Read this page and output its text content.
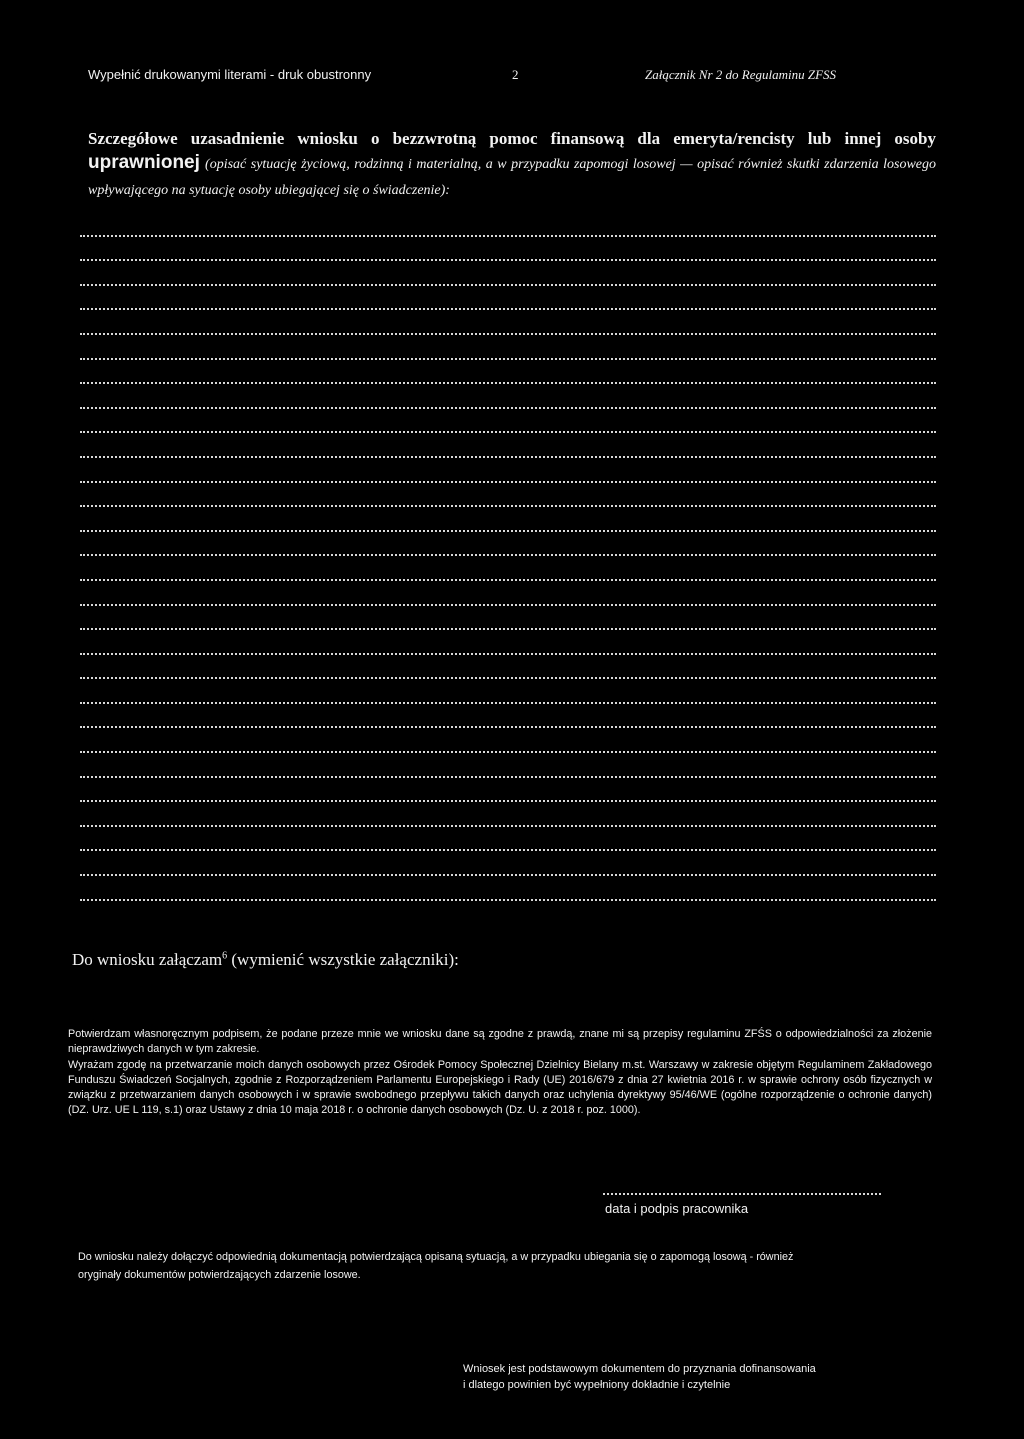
Wypełnić drukowanymi literami - druk obustronny	2	Załącznik Nr 2 do Regulaminu ZFSS
Szczegółowe uzasadnienie wniosku o bezzwrotną pomoc finansową dla emeryta/rencisty lub innej osoby uprawnionej (opisać sytuację życiową, rodzinną i materialną, a w przypadku zapomogi losowej — opisać również skutki zdarzenia losowego wpływającego na sytuację osoby ubiegającej się o świadczenie):
Do wniosku załączam$^6$ (wymienić wszystkie załączniki):

Potwierdzam własnoręcznym podpisem, że podane przeze mnie we wniosku dane są zgodne z prawdą, znane mi są przepisy regulaminu ZFŚS o odpowiedzialności za złożenie nieprawdziwych danych w tym zakresie.

Wyrażam zgodę na przetwarzanie moich danych osobowych przez Ośrodek Pomocy Społecznej Dzielnicy Bielany m.st. Warszawy w zakresie objętym Regulaminem Zakładowego Funduszu Świadczeń Socjalnych, zgodnie z Rozporządzeniem Parlamentu Europejskiego i Rady (UE) 2016/679 z dnia 27 kwietnia 2016 r. w sprawie ochrony osób fizycznych w związku z przetwarzaniem danych osobowych i w sprawie swobodnego przepływu takich danych oraz uchylenia dyrektywy 95/46/WE (ogólne rozporządzenie o ochronie danych) (DZ. Urz. UE L 119, s.1) oraz Ustawy z dnia 10 maja 2018 r. o ochronie danych osobowych (Dz. U. z 2018 r. poz. 1000).

data i podpis pracownika

Do wniosku należy dołączyć odpowiednią dokumentacją potwierdzającą opisaną sytuacją, a w przypadku ubiegania się o zapomogą losową - również

oryginały dokumentów potwierdzających zdarzenie losowe.

Wniosek jest podstawowym dokumentem do przyznania dofinansowania

i dlatego powinien być wypełniony dokładnie i czytelnie
